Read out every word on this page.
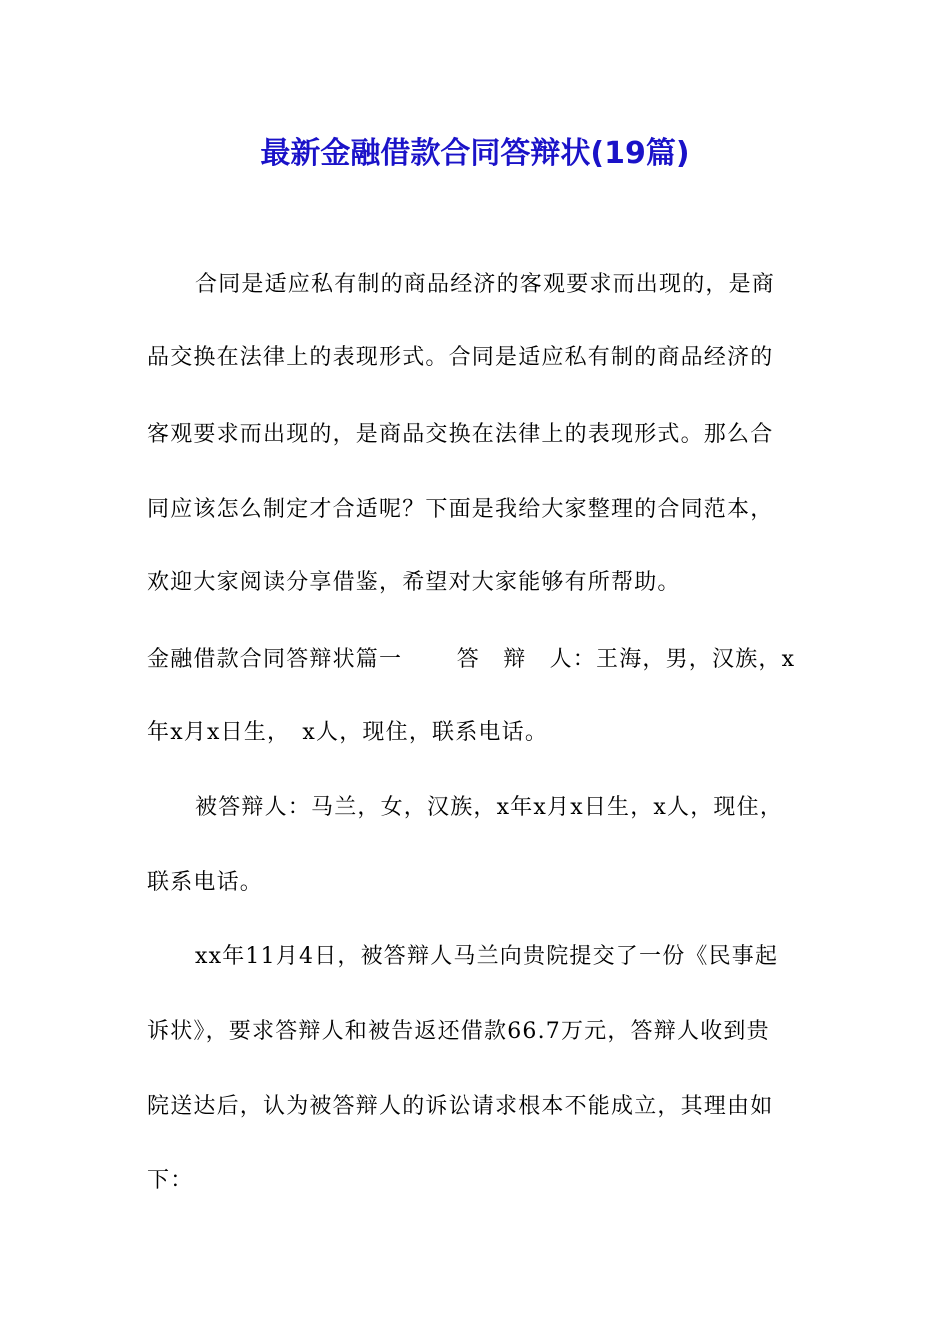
最新金融借款合同答辩状(19篇)
合同是适应私有制的商品经济的客观要求而出现的，是商
品交换在法律上的表现形式。合同是适应私有制的商品经济的
客观要求而出现的，是商品交换在法律上的表现形式。那么合
同应该怎么制定才合适呢？下面是我给大家整理的合同范本，
欢迎大家阅读分享借鉴，希望对大家能够有所帮助。
金融借款合同答辩状篇一　　 答　辩　人：王海，男，汉族，x
年x月x日生，　x人，现住，联系电话。
被答辩人：马兰，女，汉族，x年x月x日生，x人，现住，
联系电话。
xx年11月4日，被答辩人马兰向贵院提交了一份《民事起
诉状》，要求答辩人和被告返还借款66.7万元，答辩人收到贵
院送达后，认为被答辩人的诉讼请求根本不能成立，其理由如
下：
